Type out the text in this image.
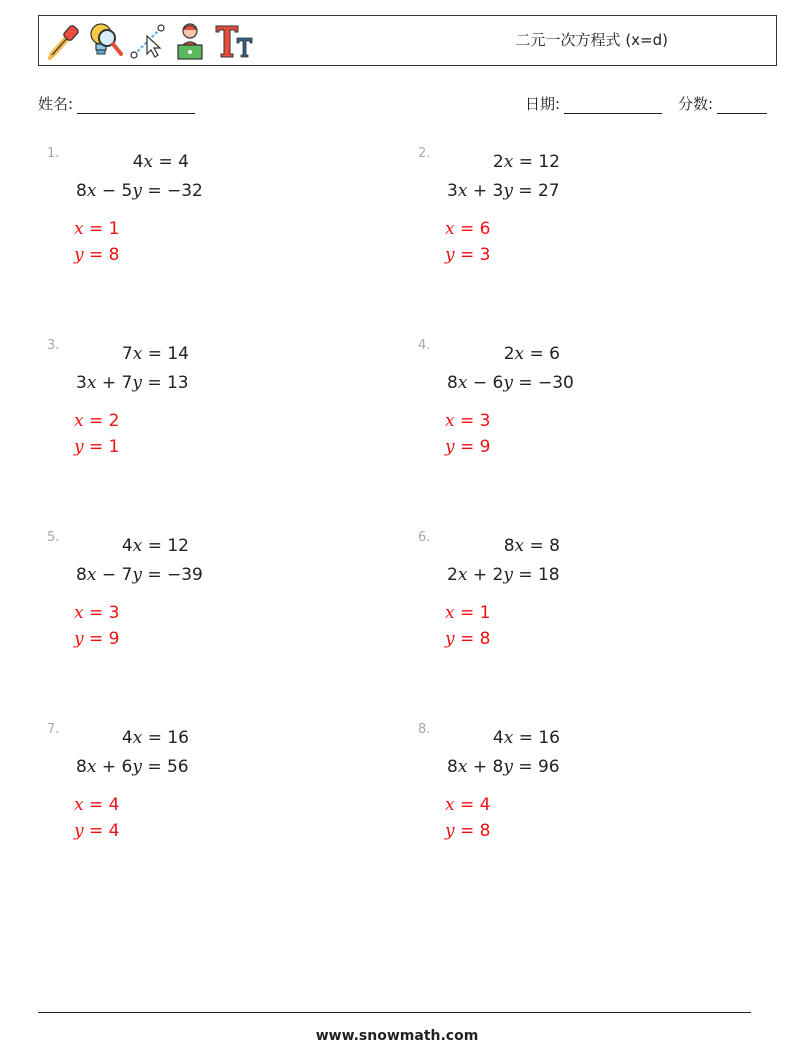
二元一次方程式 (x=d)
姓名:	日期:	分数:
1.	4x = 4
8x − 5y = −32
x = 1
y = 8
2.	2x = 12
3x + 3y = 27
x = 6
y = 3
3.	7x = 14
3x + 7y = 13
x = 2
y = 1
4.	2x = 6
8x − 6y = −30
x = 3
y = 9
5.	4x = 12
8x − 7y = −39
x = 3
y = 9
6.	8x = 8
2x + 2y = 18
x = 1
y = 8
7.	4x = 16
8x + 6y = 56
x = 4
y = 4
8.	4x = 16
8x + 8y = 96
x = 4
y = 8
www.snowmath.com
